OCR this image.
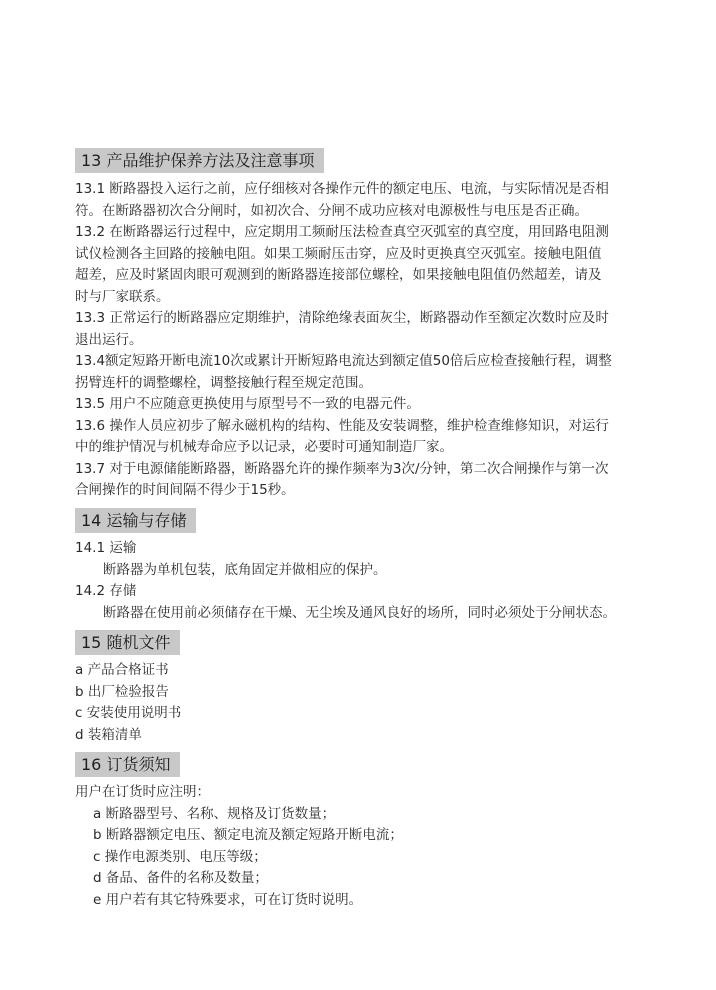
13 产品维护保养方法及注意事项
13.1 断路器投入运行之前，应仔细核对各操作元件的额定电压、电流，与实际情况是否相
符。在断路器初次合分闸时，如初次合、分闸不成功应核对电源极性与电压是否正确。
13.2 在断路器运行过程中，应定期用工频耐压法检查真空灭弧室的真空度，用回路电阻测
试仪检测各主回路的接触电阻。如果工频耐压击穿，应及时更换真空灭弧室。接触电阻值
超差，应及时紧固肉眼可观测到的断路器连接部位螺栓，如果接触电阻值仍然超差，请及
时与厂家联系。
13.3 正常运行的断路器应定期维护，清除绝缘表面灰尘，断路器动作至额定次数时应及时
退出运行。
13.4额定短路开断电流10次或累计开断短路电流达到额定值50倍后应检查接触行程，调整
拐臂连杆的调整螺栓，调整接触行程至规定范围。
13.5 用户不应随意更换使用与原型号不一致的电器元件。
13.6 操作人员应初步了解永磁机构的结构、性能及安装调整，维护检查维修知识，对运行
中的维护情况与机械寿命应予以记录，必要时可通知制造厂家。
13.7 对于电源储能断路器，断路器允许的操作频率为3次/分钟，第二次合闸操作与第一次
合闸操作的时间间隔不得少于15秒。
14 运输与存储
14.1 运输
断路器为单机包装，底角固定并做相应的保护。
14.2 存储
断路器在使用前必须储存在干燥、无尘埃及通风良好的场所，同时必须处于分闸状态。
15 随机文件
a 产品合格证书
b 出厂检验报告
c 安装使用说明书
d 装箱清单
16 订货须知
用户在订货时应注明：
a 断路器型号、名称、规格及订货数量；
b 断路器额定电压、额定电流及额定短路开断电流；
c 操作电源类别、电压等级；
d 备品、备件的名称及数量；
e 用户若有其它特殊要求，可在订货时说明。
